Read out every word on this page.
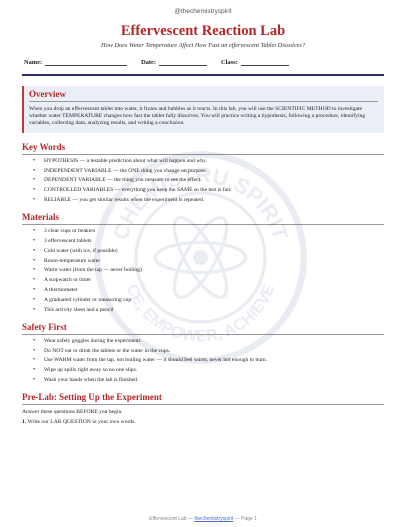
CHEMISTRU SPIRIT
CE, EMPOWER, ACHIEVE
@thechemistryspirit
Effervescent Reaction Lab
How Does Water Temperature Affect How Fast an effervescent Tablet Dissolves?
Name:	Date:	Class:
Overview

When you drop an effervescent tablet into water, it fizzes and bubbles as it reacts. In this lab, you will use the SCIENTIFIC METHOD to investigate whether water TEMPERATURE changes how fast the tablet fully dissolves. You will practice writing a hypothesis, following a procedure, identifying variables, collecting data, analyzing results, and writing a conclusion.

Key Words
• HYPOTHESIS — a testable prediction about what will happen and why.
• INDEPENDENT VARIABLE — the ONE thing you change on purpose.
• DEPENDENT VARIABLE — the thing you measure to see the effect.
• CONTROLLED VARIABLES — everything you keep the SAME so the test is fair.
• RELIABLE — you get similar results when the experiment is repeated.
Materials
• 3 clear cups or beakers
• 3 effervescent tablets
• Cold water (with ice, if possible)
• Room-temperature water
• Warm water (from the tap — never boiling)
• A stopwatch or timer
• A thermometer
• A graduated cylinder or measuring cup
• This activity sheet and a pencil
Safety First
• Wear safety goggles during the experiment.
• Do NOT eat or drink the tablets or the water in the cups.
• Use WARM water from the tap, not boiling water — it should feel warm, never hot enough to burn.
• Wipe up spills right away so no one slips.
• Wash your hands when the lab is finished.
Pre-Lab: Setting Up the Experiment

Answer these questions BEFORE you begin.

1. Write our LAB QUESTION in your own words.

Effervescent Lab — thechemistryspirit — Page 1
